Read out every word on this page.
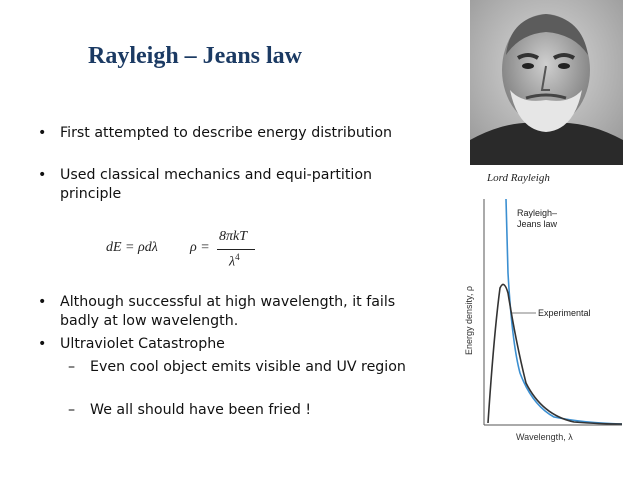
Rayleigh – Jeans law
• First attempted to describe energy distribution
• Used classical mechanics and equi-partition principle
dE = ρdλ ρ =
8πkT
$\lambda^4$
• Although successful at high wavelength, it fails badly at low wavelength.
• Ultraviolet Catastrophe
– Even cool object emits visible and UV region
– We all should have been fried !
Lord Rayleigh
Rayleigh–
Jeans law
Experimental
Wavelength, λ
Energy density, ρ
